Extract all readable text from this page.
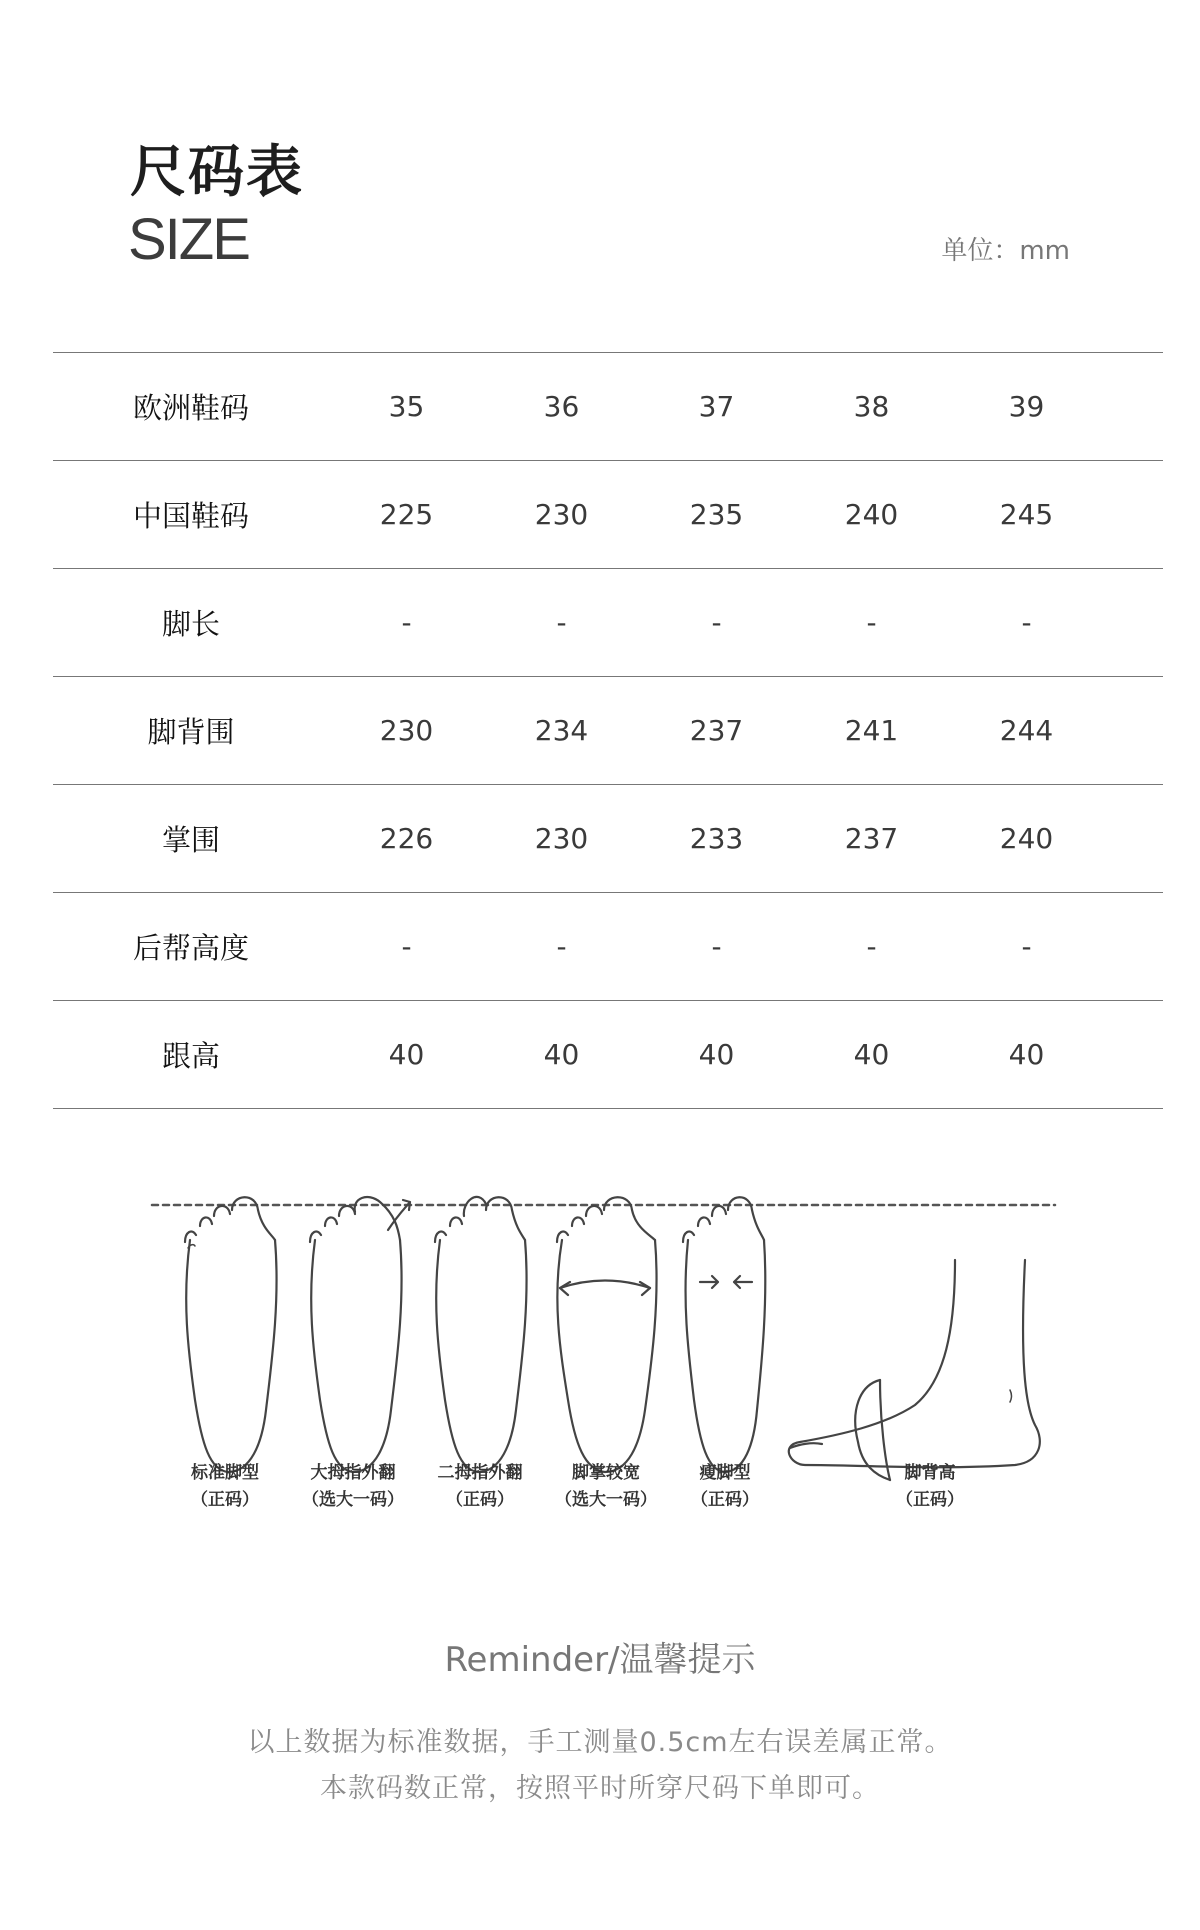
尺码表
SIZE	单位：mm
欧洲鞋码	35	36	37	38	39	
中国鞋码	225	230	235	240	245	
脚长	-	-	-	-	-	
脚背围	230	234	237	241	244	
掌围	226	230	233	237	240	
后帮高度	-	-	-	-	-	
跟高	40	40	40	40	40	
标准脚型
（正码）
大拇指外翻
（选大一码）
二拇指外翻
（正码）
脚掌较宽
（选大一码）
瘦脚型
（正码）
脚背高
（正码）
Reminder/温馨提示
以上数据为标准数据，手工测量0.5cm左右误差属正常。
本款码数正常，按照平时所穿尺码下单即可。
